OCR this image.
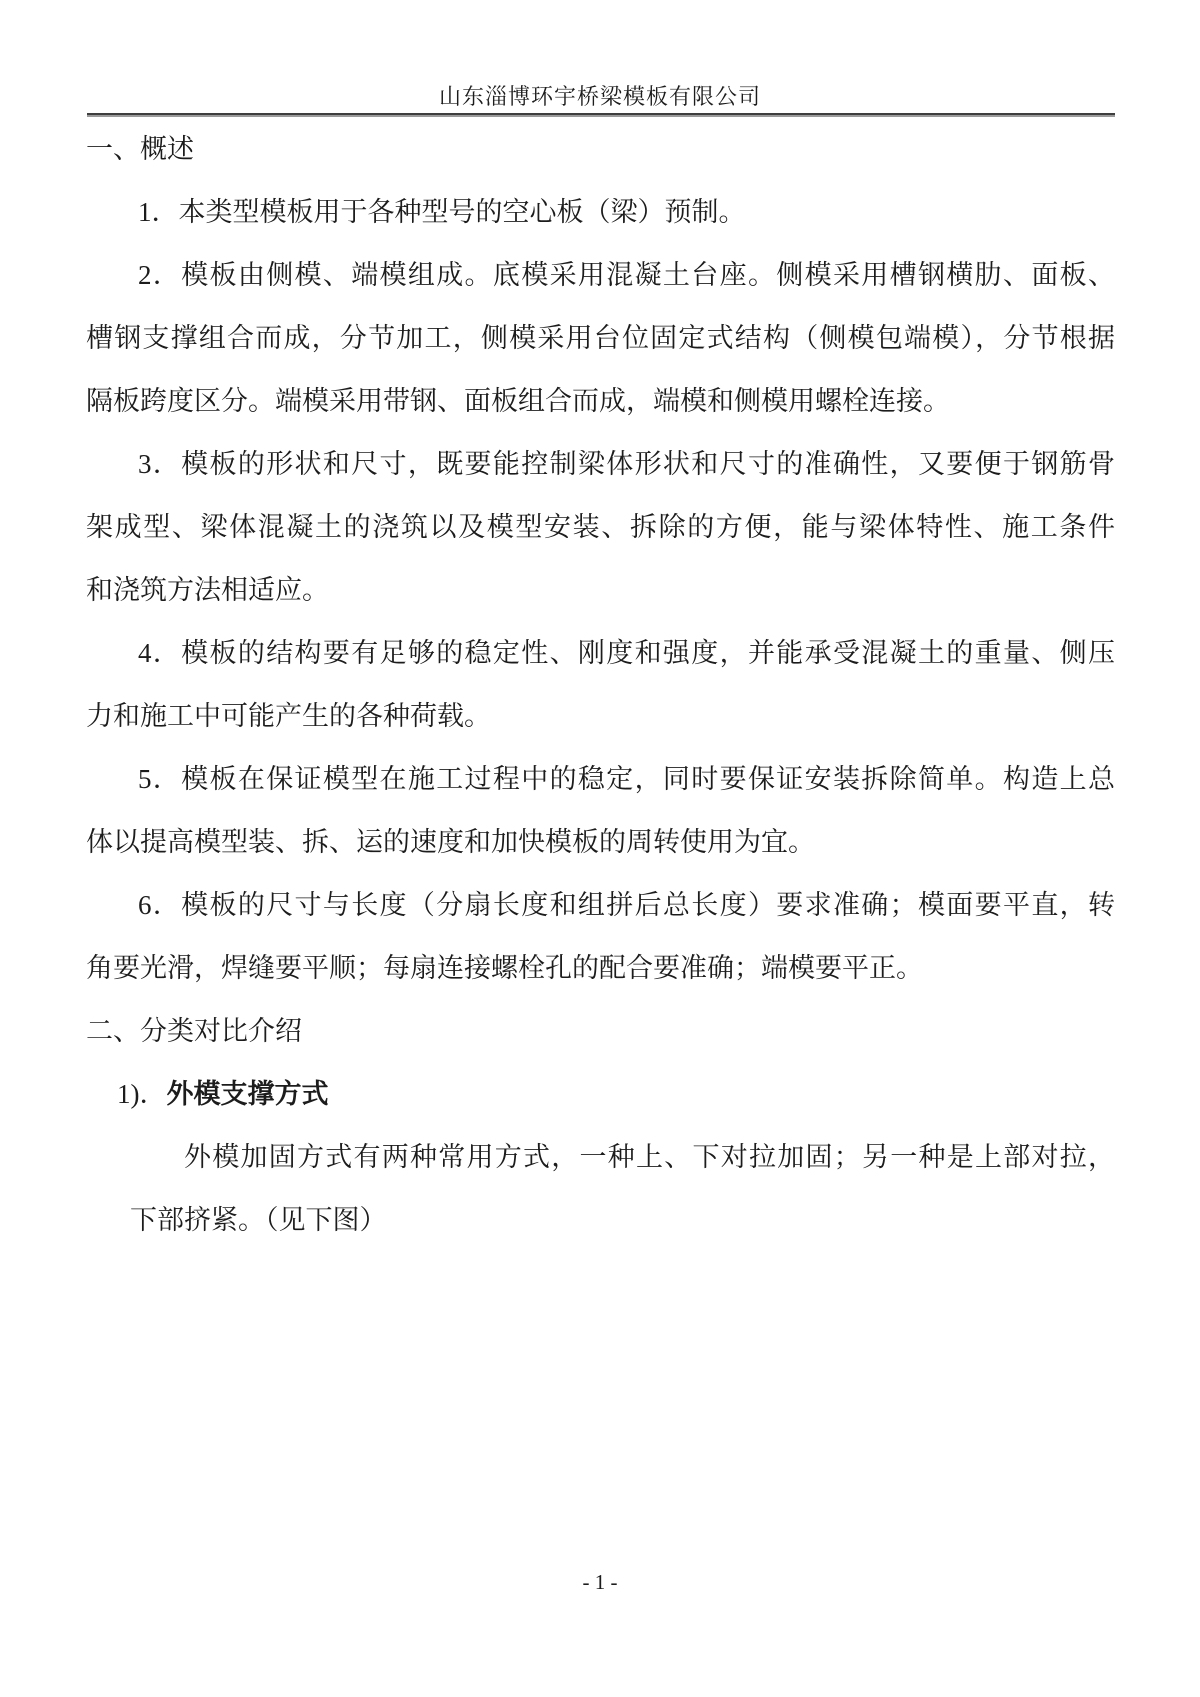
山东淄博环宇桥梁模板有限公司
一、概述
1．本类型模板用于各种型号的空心板（梁）预制。
2．模板由侧模、端模组成。底模采用混凝土台座。侧模采用槽钢横肋、面板、
槽钢支撑组合而成，分节加工，侧模采用台位固定式结构（侧模包端模），分节根据
隔板跨度区分。端模采用带钢、面板组合而成，端模和侧模用螺栓连接。
3．模板的形状和尺寸，既要能控制梁体形状和尺寸的准确性，又要便于钢筋骨
架成型、梁体混凝土的浇筑以及模型安装、拆除的方便，能与梁体特性、施工条件
和浇筑方法相适应。
4．模板的结构要有足够的稳定性、刚度和强度，并能承受混凝土的重量、侧压
力和施工中可能产生的各种荷载。
5．模板在保证模型在施工过程中的稳定，同时要保证安装拆除简单。构造上总
体以提高模型装、拆、运的速度和加快模板的周转使用为宜。
6．模板的尺寸与长度（分扇长度和组拼后总长度）要求准确；模面要平直，转
角要光滑，焊缝要平顺；每扇连接螺栓孔的配合要准确；端模要平正。
二、分类对比介绍
1)．外模支撑方式
外模加固方式有两种常用方式，一种上、下对拉加固；另一种是上部对拉，
下部挤紧。（见下图）
- 1 -
